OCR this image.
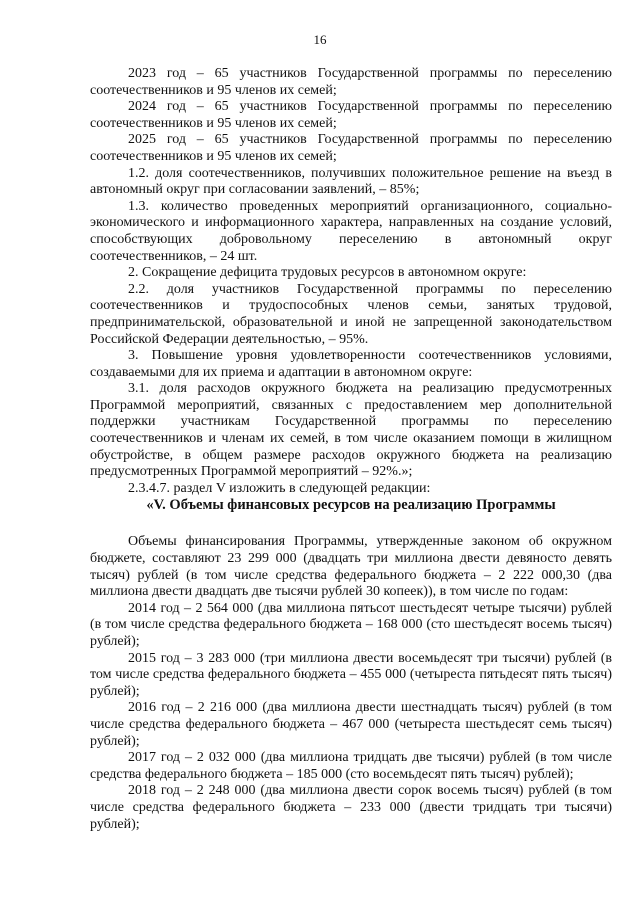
16

2023 год – 65 участников Государственной программы по переселению соотечественников и 95 членов их семей;

2024 год – 65 участников Государственной программы по переселению соотечественников и 95 членов их семей;

2025 год – 65 участников Государственной программы по переселению соотечественников и 95 членов их семей;

1.2. доля соотечественников, получивших положительное решение на въезд в автономный округ при согласовании заявлений, – 85%;

1.3. количество проведенных мероприятий организационного, социально-экономического и информационного характера, направленных на создание условий, способствующих добровольному переселению в автономный округ соотечественников, – 24 шт.

2. Сокращение дефицита трудовых ресурсов в автономном округе:

2.2. доля участников Государственной программы по переселению соотечественников и трудоспособных членов семьи, занятых трудовой, предпринимательской, образовательной и иной не запрещенной законодательством Российской Федерации деятельностью, – 95%.

3. Повышение уровня удовлетворенности соотечественников условиями, создаваемыми для их приема и адаптации в автономном округе:

3.1. доля расходов окружного бюджета на реализацию предусмотренных Программой мероприятий, связанных с предоставлением мер дополнительной поддержки участникам Государственной программы по переселению соотечественников и членам их семей, в том числе оказанием помощи в жилищном обустройстве, в общем размере расходов окружного бюджета на реализацию предусмотренных Программой мероприятий – 92%.»;

2.3.4.7. раздел V изложить в следующей редакции:

«V. Объемы финансовых ресурсов на реализацию Программы

Объемы финансирования Программы, утвержденные законом об окружном бюджете, составляют 23 299 000 (двадцать три миллиона двести девяносто девять тысяч) рублей (в том числе средства федерального бюджета – 2 222 000,30 (два миллиона двести двадцать две тысячи рублей 30 копеек)), в том числе по годам:

2014 год – 2 564 000 (два миллиона пятьсот шестьдесят четыре тысячи) рублей (в том числе средства федерального бюджета – 168 000 (сто шестьдесят восемь тысяч) рублей);

2015 год – 3 283 000 (три миллиона двести восемьдесят три тысячи) рублей (в том числе средства федерального бюджета – 455 000 (четыреста пятьдесят пять тысяч) рублей);

2016 год – 2 216 000 (два миллиона двести шестнадцать тысяч) рублей (в том числе средства федерального бюджета – 467 000 (четыреста шестьдесят семь тысяч) рублей);

2017 год – 2 032 000 (два миллиона тридцать две тысячи) рублей (в том числе средства федерального бюджета – 185 000 (сто восемьдесят пять тысяч) рублей);

2018 год – 2 248 000 (два миллиона двести сорок восемь тысяч) рублей (в том числе средства федерального бюджета – 233 000 (двести тридцать три тысячи) рублей);
